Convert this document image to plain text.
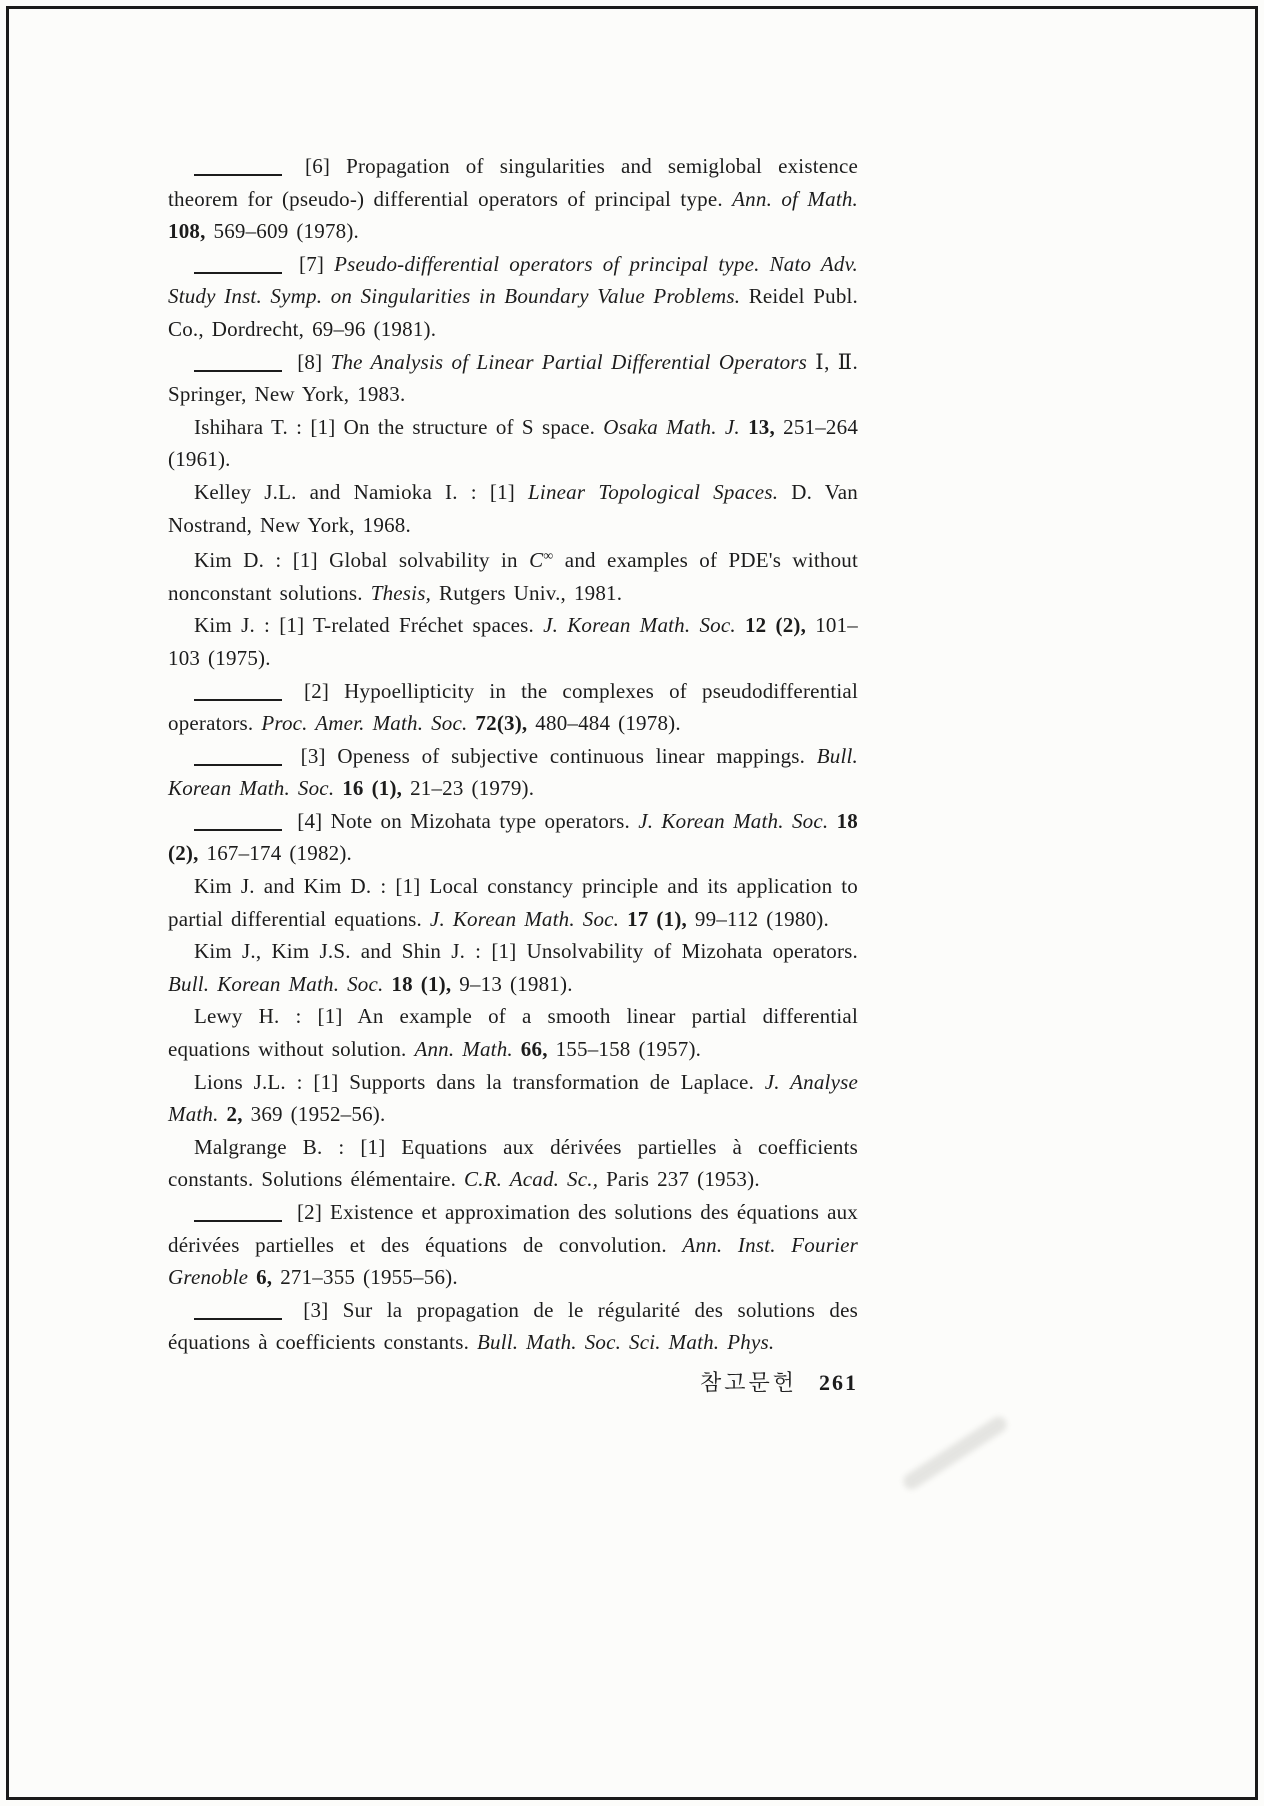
[6] Propagation of singularities and semiglobal existence theorem for (pseudo-) differential operators of principal type. Ann. of Math. 108, 569–609 (1978).

[7] Pseudo-differential operators of principal type. Nato Adv. Study Inst. Symp. on Singularities in Boundary Value Problems. Reidel Publ. Co., Dordrecht, 69–96 (1981).

[8] The Analysis of Linear Partial Differential Operators Ⅰ, Ⅱ. Springer, New York, 1983.

Ishihara T. : [1] On the structure of S space. Osaka Math. J. 13, 251–264 (1961).

Kelley J.L. and Namioka I. : [1] Linear Topological Spaces. D. Van Nostrand, New York, 1968.

Kim D. : [1] Global solvability in C∞ and examples of PDE's without nonconstant solutions. Thesis, Rutgers Univ., 1981.

Kim J. : [1] T-related Fréchet spaces. J. Korean Math. Soc. 12 (2), 101–103 (1975).

[2] Hypoellipticity in the complexes of pseudodifferential operators. Proc. Amer. Math. Soc. 72(3), 480–484 (1978).

[3] Openess of subjective continuous linear mappings. Bull. Korean Math. Soc. 16 (1), 21–23 (1979).

[4] Note on Mizohata type operators. J. Korean Math. Soc. 18 (2), 167–174 (1982).

Kim J. and Kim D. : [1] Local constancy principle and its application to partial differential equations. J. Korean Math. Soc. 17 (1), 99–112 (1980).

Kim J., Kim J.S. and Shin J. : [1] Unsolvability of Mizohata operators. Bull. Korean Math. Soc. 18 (1), 9–13 (1981).

Lewy H. : [1] An example of a smooth linear partial differential equations without solution. Ann. Math. 66, 155–158 (1957).

Lions J.L. : [1] Supports dans la transformation de Laplace. J. Analyse Math. 2, 369 (1952–56).

Malgrange B. : [1] Equations aux dérivées partielles à coefficients constants. Solutions élémentaire. C.R. Acad. Sc., Paris 237 (1953).

[2] Existence et approximation des solutions des équations aux dérivées partielles et des équations de convolution. Ann. Inst. Fourier Grenoble 6, 271–355 (1955–56).

[3] Sur la propagation de le régularité des solutions des équations à coefficients constants. Bull. Math. Soc. Sci. Math. Phys.

참고문헌 261
